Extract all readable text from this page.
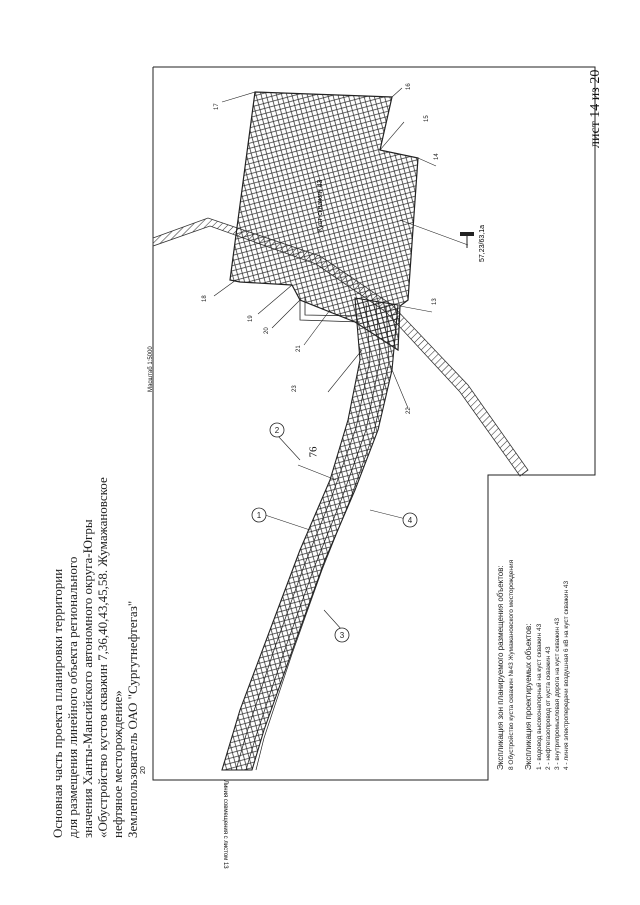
76
57,23/63,1a
Куст скважин 43
13
14
15
16
17
18
19
20
21
22
23
1
2
3
4
Масштаб 1:5000
20
Линия совмещения с листом 13
лист 14 из 20
Основная часть проекта планировки территории для размещения линейного объекта регионального значения Ханты-Мансийского автономного округа-Югры «Обустройство кустов скважин 7,36,40,43,45,58. Жумажановское нефтяное месторождение» Землепользователь ОАО "Сургутнефтегаз"	Экспликация зон планируемого размещения объектов: 8 Обустройство куста скважин №43 Жумажановского месторождения Экспликация проектируемых объектов: 1 - водовод высоконапорный на куст скважин 43 2 - нефтегазопровод от куста скважин 43 3 - внутрипромысловая дорога на куст скважин 43 4 - линия электропередачи воздушная 6 кВ на куст скважин 43
